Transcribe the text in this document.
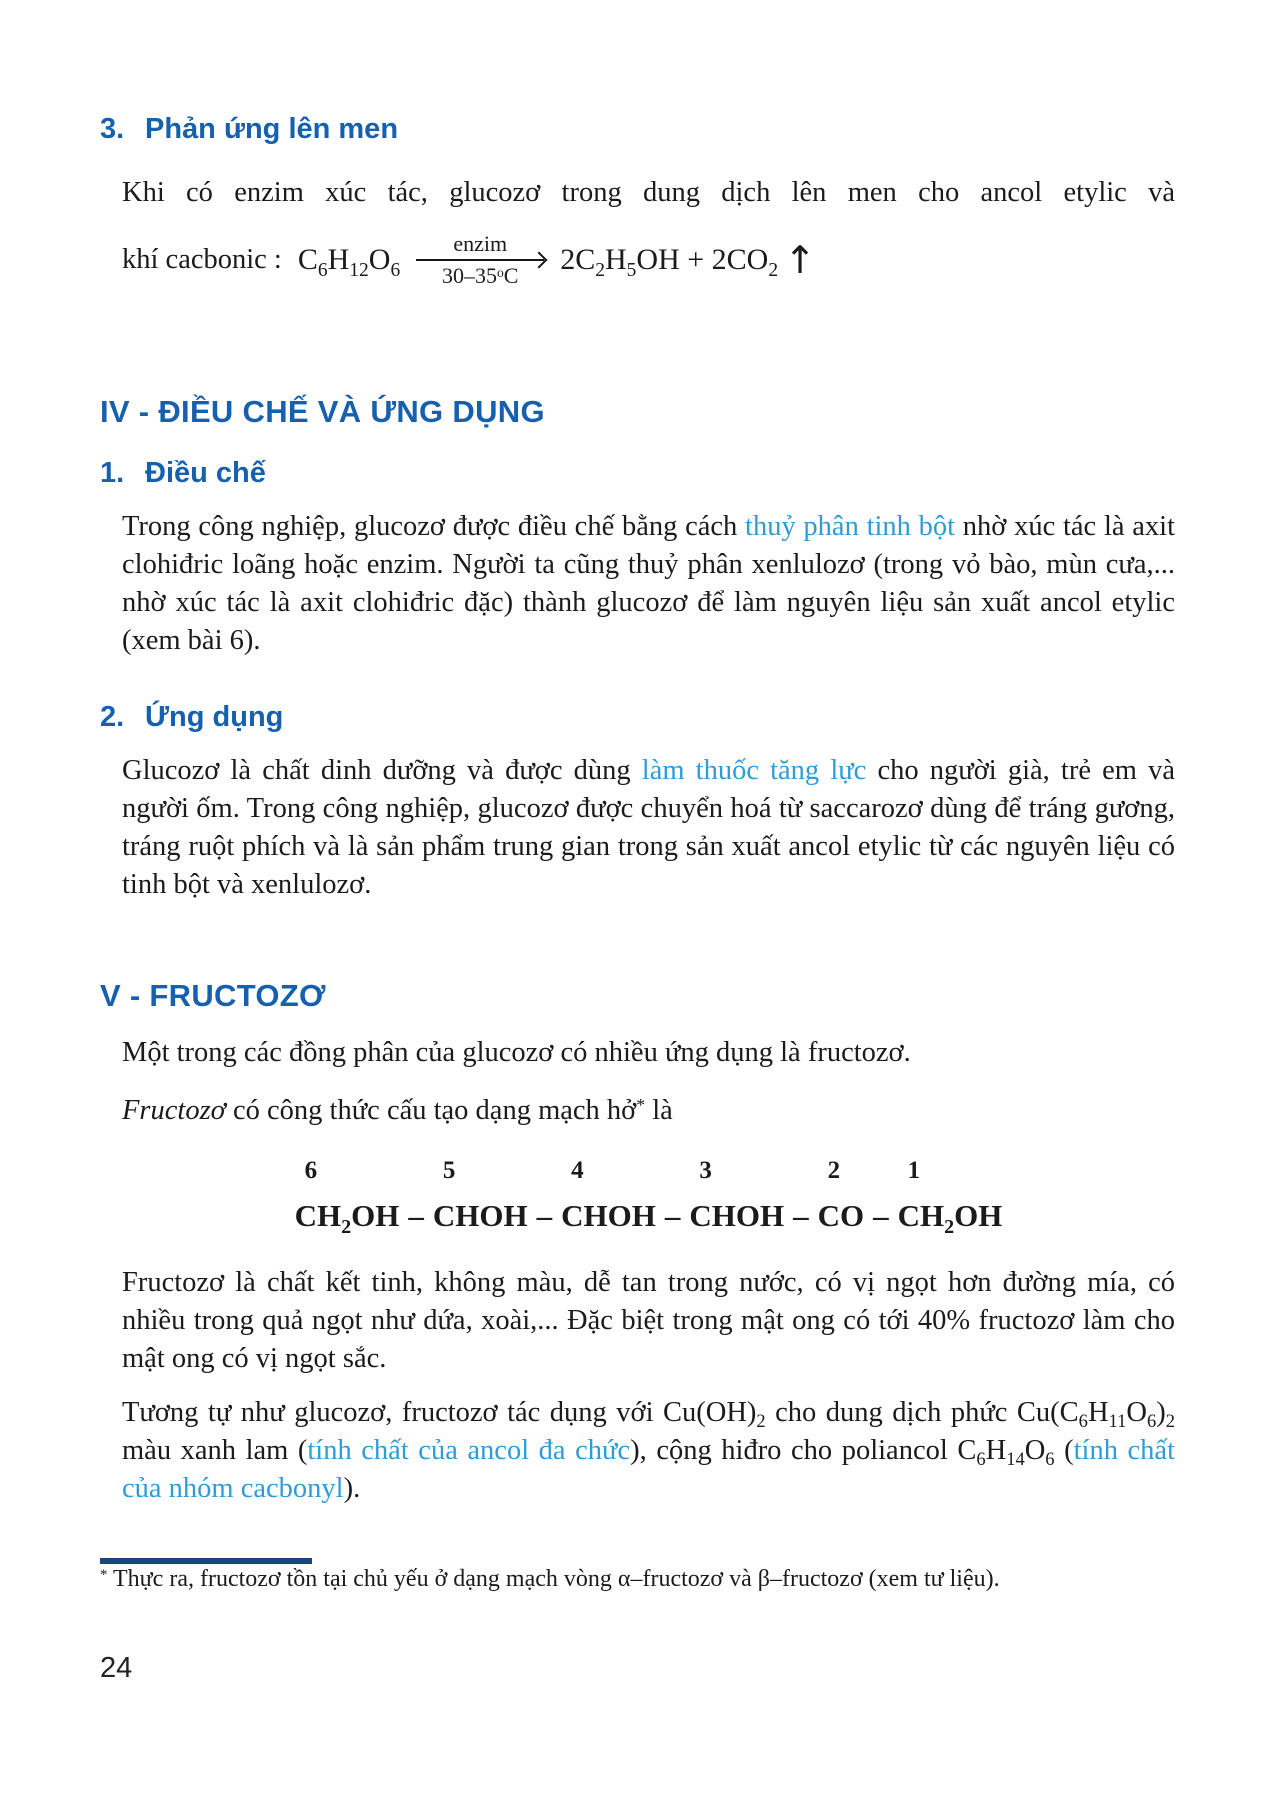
3. Phản ứng lên men

Khi có enzim xúc tác, glucozơ trong dung dịch lên men cho ancol etylic và

khí cacbonic : $C_6H_{12}O_6$
enzim
30–35$^o$C $2C_2H_5OH + 2CO_2$ ↑
IV - ĐIỀU CHẾ VÀ ỨNG DỤNG
1. Điều chế

Trong công nghiệp, glucozơ được điều chế bằng cách thuỷ phân tinh bột nhờ xúc tác là axit clohiđric loãng hoặc enzim. Người ta cũng thuỷ phân xenlulozơ (trong vỏ bào, mùn cưa,... nhờ xúc tác là axit clohiđric đặc) thành glucozơ để làm nguyên liệu sản xuất ancol etylic (xem bài 6).

2. Ứng dụng

Glucozơ là chất dinh dưỡng và được dùng làm thuốc tăng lực cho người già, trẻ em và người ốm. Trong công nghiệp, glucozơ được chuyển hoá từ saccarozơ dùng để tráng gương, tráng ruột phích và là sản phẩm trung gian trong sản xuất ancol etylic từ các nguyên liệu có tinh bột và xenlulozơ.

V - FRUCTOZƠ

Một trong các đồng phân của glucozơ có nhiều ứng dụng là fructozơ.

Fructozơ có công thức cấu tạo dạng mạch hở* là

6
$CH_2OH$ –
5
CHOH –
4
CHOH –
3
CHOH –
2
CO –
1
$CH_2OH$

Fructozơ là chất kết tinh, không màu, dễ tan trong nước, có vị ngọt hơn đường mía, có nhiều trong quả ngọt như dứa, xoài,... Đặc biệt trong mật ong có tới 40% fructozơ làm cho mật ong có vị ngọt sắc.

Tương tự như glucozơ, fructozơ tác dụng với $Cu(OH)_2$ cho dung dịch phức $Cu(C_6H_{11}O_6)_2$ màu xanh lam (tính chất của ancol đa chức), cộng hiđro cho poliancol $C_6H_{14}O_6$ (tính chất của nhóm cacbonyl).

* Thực ra, fructozơ tồn tại chủ yếu ở dạng mạch vòng α–fructozơ và β–fructozơ (xem tư liệu).

24
